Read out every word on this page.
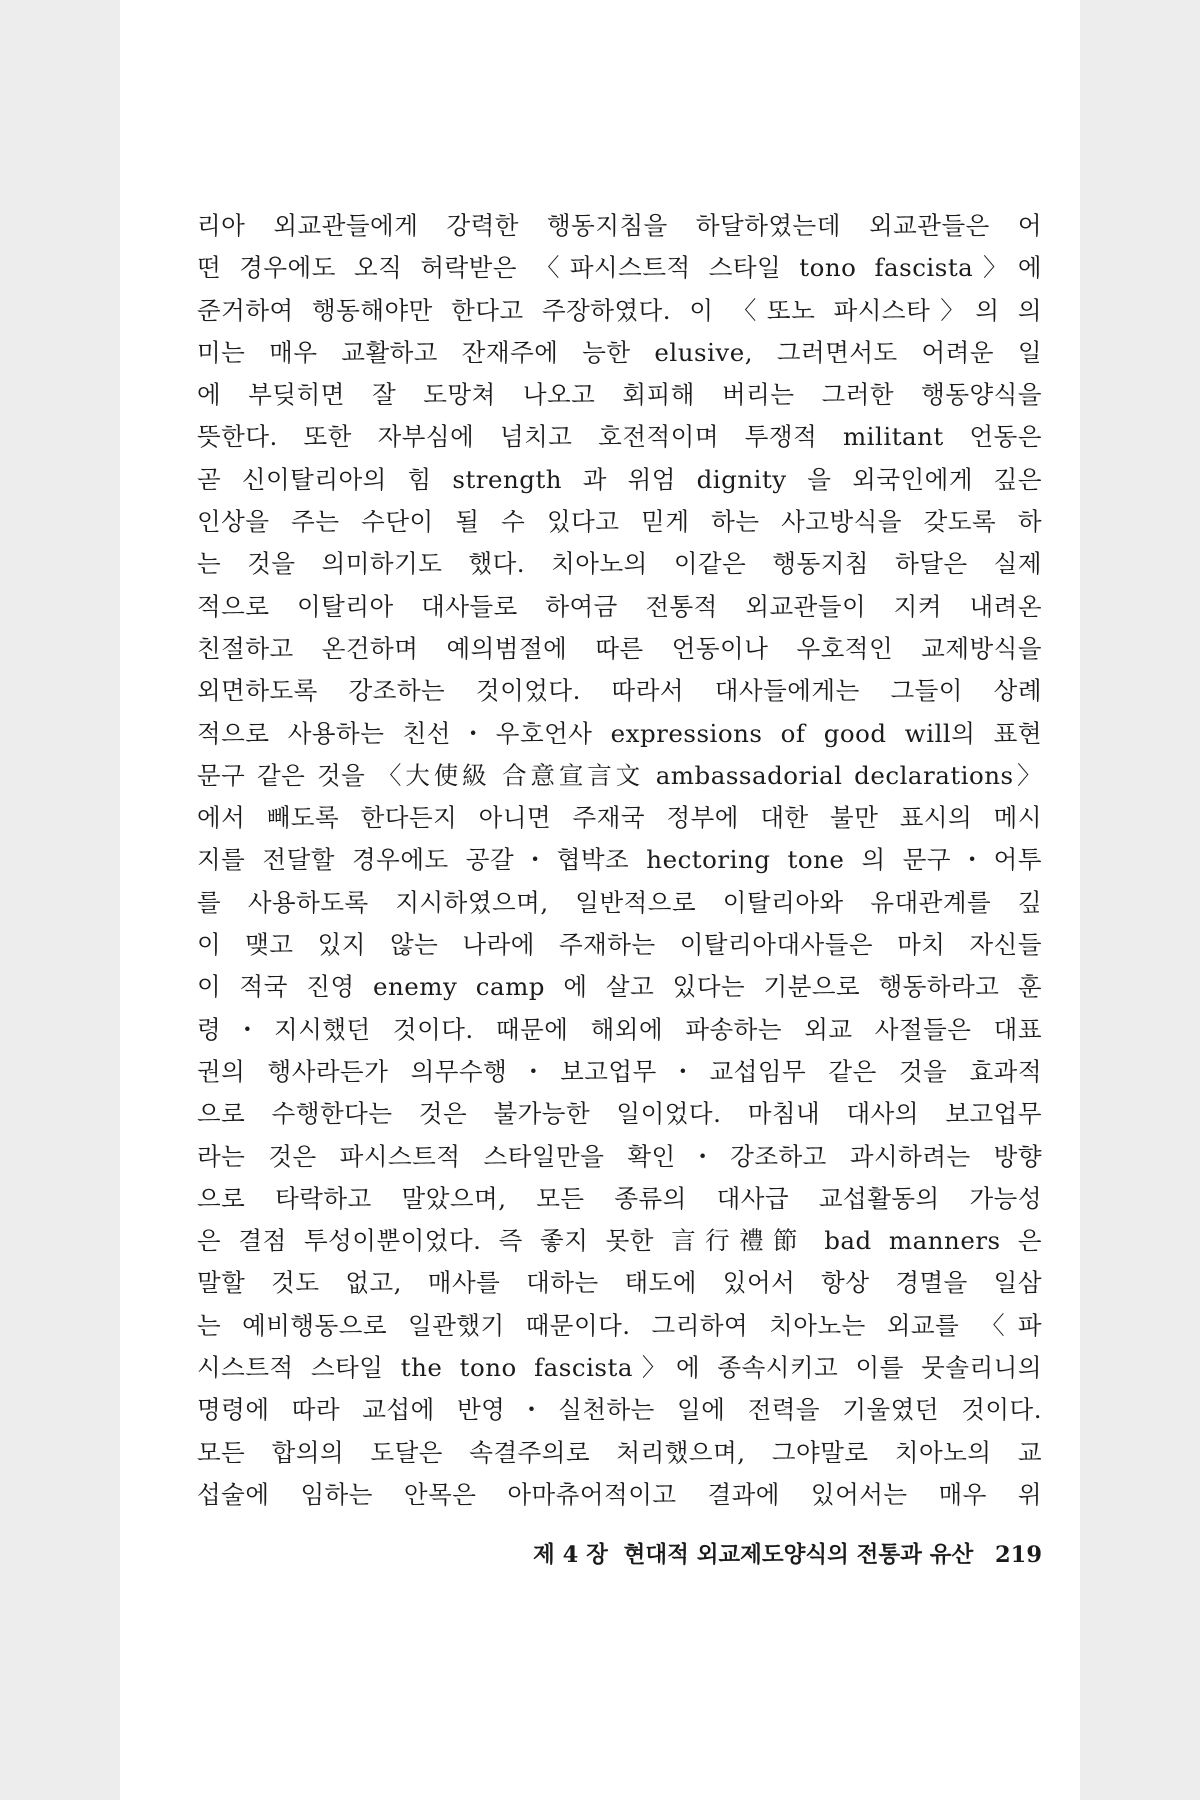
리아 외교관들에게 강력한 행동지침을 하달하였는데 외교관들은 어
떤 경우에도 오직 허락받은 〈파시스트적 스타일 tono fascista〉에
준거하여 행동해야만 한다고 주장하였다. 이 〈또노 파시스타〉의 의
미는 매우 교활하고 잔재주에 능한 elusive, 그러면서도 어려운 일
에 부딪히면 잘 도망쳐 나오고 회피해 버리는 그러한 행동양식을
뜻한다. 또한 자부심에 넘치고 호전적이며 투쟁적 militant 언동은
곧 신이탈리아의 힘 strength 과 위엄 dignity 을 외국인에게 깊은
인상을 주는 수단이 될 수 있다고 믿게 하는 사고방식을 갖도록 하
는 것을 의미하기도 했다. 치아노의 이같은 행동지침 하달은 실제
적으로 이탈리아 대사들로 하여금 전통적 외교관들이 지켜 내려온
친절하고 온건하며 예의범절에 따른 언동이나 우호적인 교제방식을
외면하도록 강조하는 것이었다. 따라서 대사들에게는 그들이 상례
적으로 사용하는 친선・우호언사 expressions of good will의 표현
문구 같은 것을 〈大使級 合意宣言文 ambassadorial declarations〉
에서 빼도록 한다든지 아니면 주재국 정부에 대한 불만 표시의 메시
지를 전달할 경우에도 공갈・협박조 hectoring tone 의 문구・어투
를 사용하도록 지시하였으며, 일반적으로 이탈리아와 유대관계를 깊
이 맺고 있지 않는 나라에 주재하는 이탈리아대사들은 마치 자신들
이 적국 진영 enemy camp 에 살고 있다는 기분으로 행동하라고 훈
령・지시했던 것이다. 때문에 해외에 파송하는 외교 사절들은 대표
권의 행사라든가 의무수행・보고업무・교섭임무 같은 것을 효과적
으로 수행한다는 것은 불가능한 일이었다. 마침내 대사의 보고업무
라는 것은 파시스트적 스타일만을 확인・강조하고 과시하려는 방향
으로 타락하고 말았으며, 모든 종류의 대사급 교섭활동의 가능성
은 결점 투성이뿐이었다. 즉 좋지 못한 言行禮節 bad manners 은
말할 것도 없고, 매사를 대하는 태도에 있어서 항상 경멸을 일삼
는 예비행동으로 일관했기 때문이다. 그리하여 치아노는 외교를 〈파
시스트적 스타일 the tono fascista〉에 종속시키고 이를 뭇솔리니의
명령에 따라 교섭에 반영・실천하는 일에 전력을 기울였던 것이다.
모든 합의의 도달은 속결주의로 처리했으며, 그야말로 치아노의 교
섭술에 임하는 안목은 아마츄어적이고 결과에 있어서는 매우 위
제 4 장 현대적 외교제도양식의 전통과 유산 219
